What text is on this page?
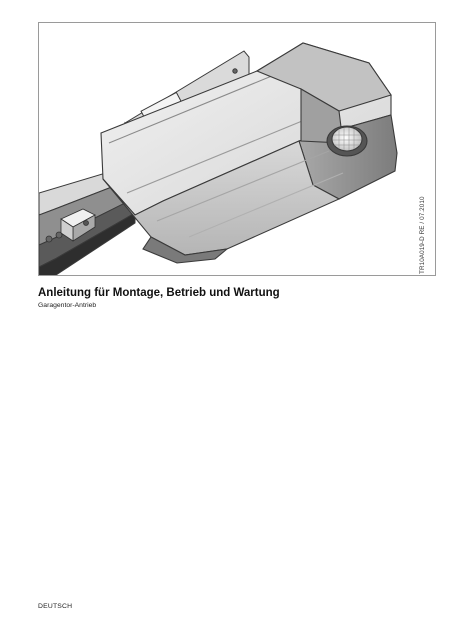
TR10A019-D RE / 07.2010
Anleitung für Montage, Betrieb und Wartung
Garagentor-Antrieb
DEUTSCH
